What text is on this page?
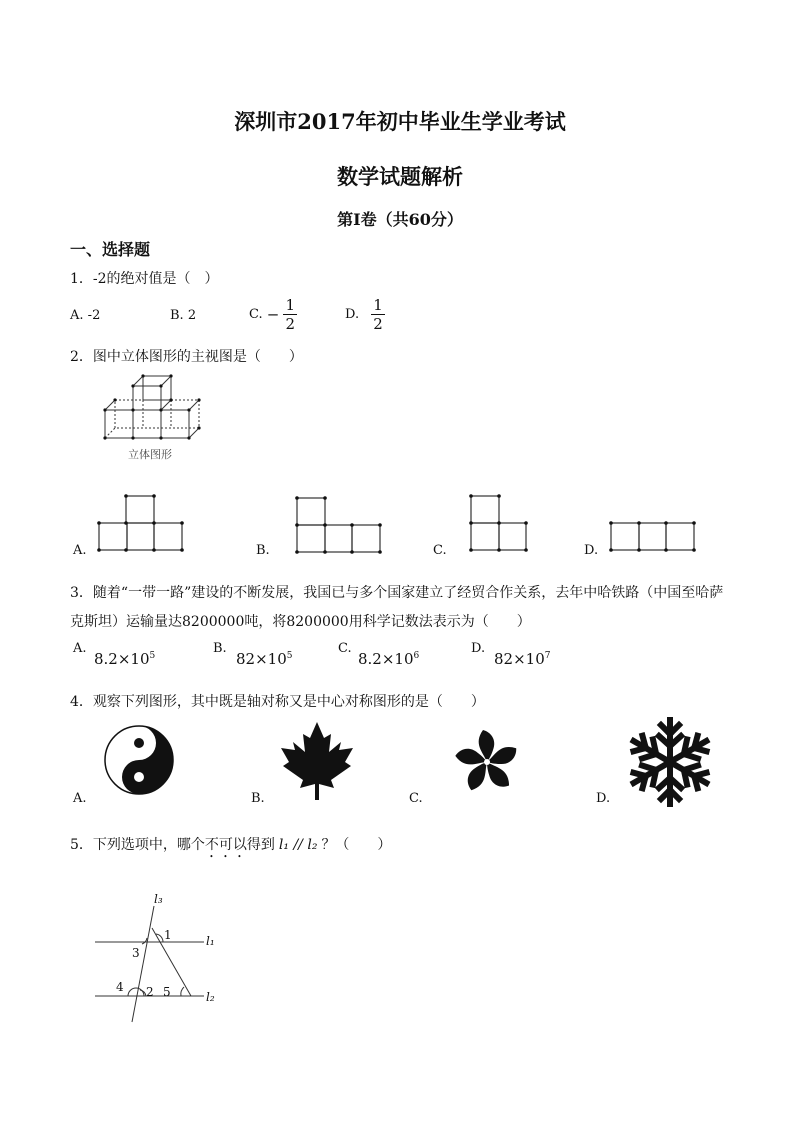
深圳市2017年初中毕业生学业考试
数学试题解析
第Ⅰ卷（共60分）
一、选择题
1．-2的绝对值是（　）
A. -2	B. 2	C. − $\frac{1}{2}$	D. $\frac{1}{2}$
2．图中立体图形的主视图是（　　）
立体图形
A.	B.	C.	D.
3．随着“一带一路”建设的不断发展，我国已与多个国家建立了经贸合作关系，去年中哈铁路（中国至哈萨
克斯坦）运输量达8200000吨，将8200000用科学记数法表示为（　　）
A.
$8.2\times 10^5$	B.
$82\times 10^5$	C.
$8.2\times 10^6$	D.
$82\times 10^7$
4．观察下列图形，其中既是轴对称又是中心对称图形的是（　　）
A.	B.	C.	D.
5．下列选项中，哪个不可以得到 l₁ // l₂ ？（　　）
l₃
1	l₁
3
4 2 5	l₂
